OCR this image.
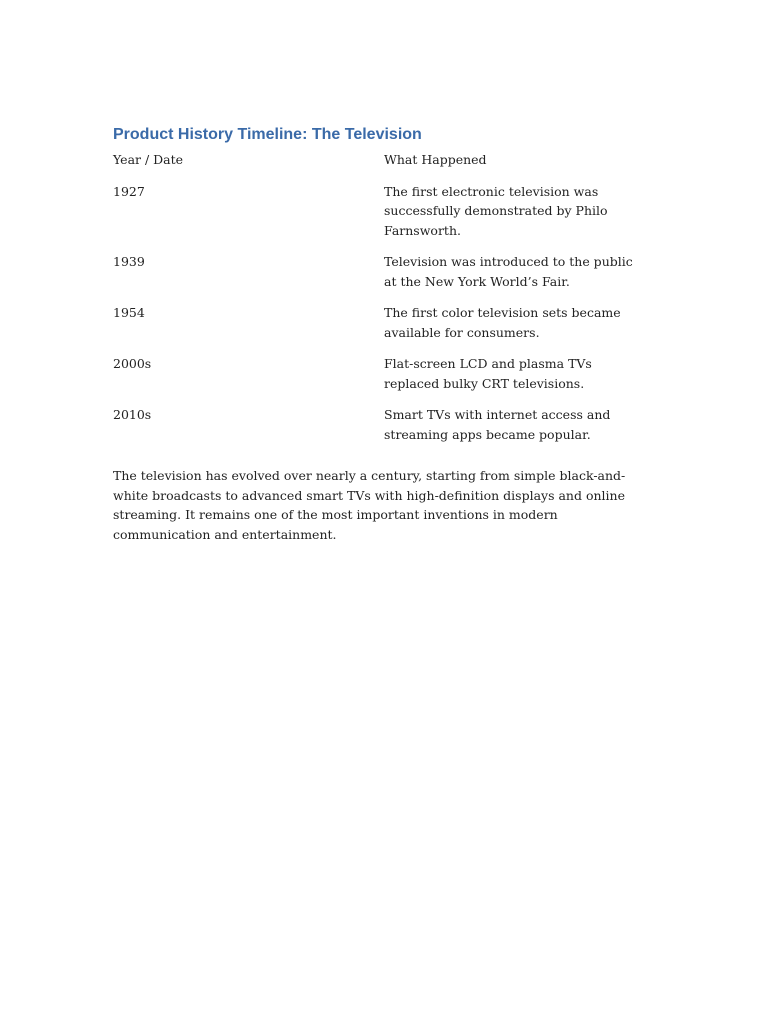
Product History Timeline: The Television
Year / Date	What Happened
1927	The first electronic television was successfully demonstrated by Philo Farnsworth.
1939	Television was introduced to the public at the New York World’s Fair.
1954	The first color television sets became available for consumers.
2000s	Flat-screen LCD and plasma TVs replaced bulky CRT televisions.
2010s	Smart TVs with internet access and streaming apps became popular.

The television has evolved over nearly a century, starting from simple black-and-white broadcasts to advanced smart TVs with high-definition displays and online streaming. It remains one of the most important inventions in modern communication and entertainment.
